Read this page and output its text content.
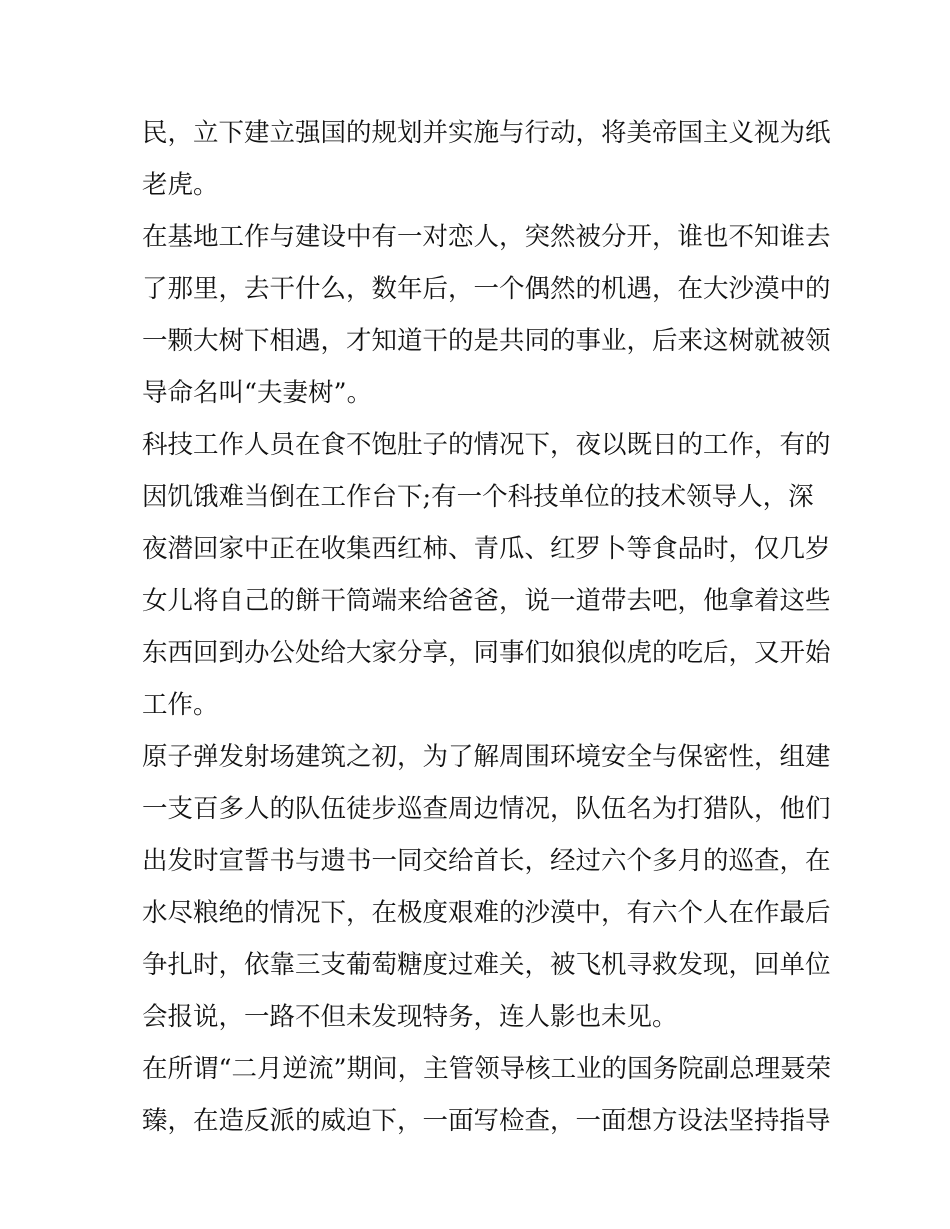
民，立下建立强国的规划并实施与行动，将美帝国主义视为纸
老虎。
在基地工作与建设中有一对恋人，突然被分开，谁也不知谁去
了那里，去干什么，数年后，一个偶然的机遇，在大沙漠中的
一颗大树下相遇，才知道干的是共同的事业，后来这树就被领
导命名叫“夫妻树”。
科技工作人员在食不饱肚子的情况下，夜以既日的工作，有的
因饥饿难当倒在工作台下;有一个科技单位的技术领导人，深
夜潜回家中正在收集西红柿、青瓜、红罗卜等食品时，仅几岁
女儿将自己的餅干筒端来给爸爸，说一道带去吧，他拿着这些
东西回到办公处给大家分享，同事们如狼似虎的吃后，又开始
工作。
原子弹发射场建筑之初，为了解周围环境安全与保密性，组建
一支百多人的队伍徒步巡查周边情况，队伍名为打猎队，他们
出发时宣誓书与遗书一同交给首长，经过六个多月的巡查，在
水尽粮绝的情况下，在极度艰难的沙漠中，有六个人在作最后
争扎时，依靠三支葡萄糖度过难关，被飞机寻救发现，回单位
会报说，一路不但未发现特务，连人影也未见。
在所谓“二月逆流”期间，主管领导核工业的国务院副总理聂荣
臻，在造反派的威迫下，一面写检查，一面想方设法坚持指导
